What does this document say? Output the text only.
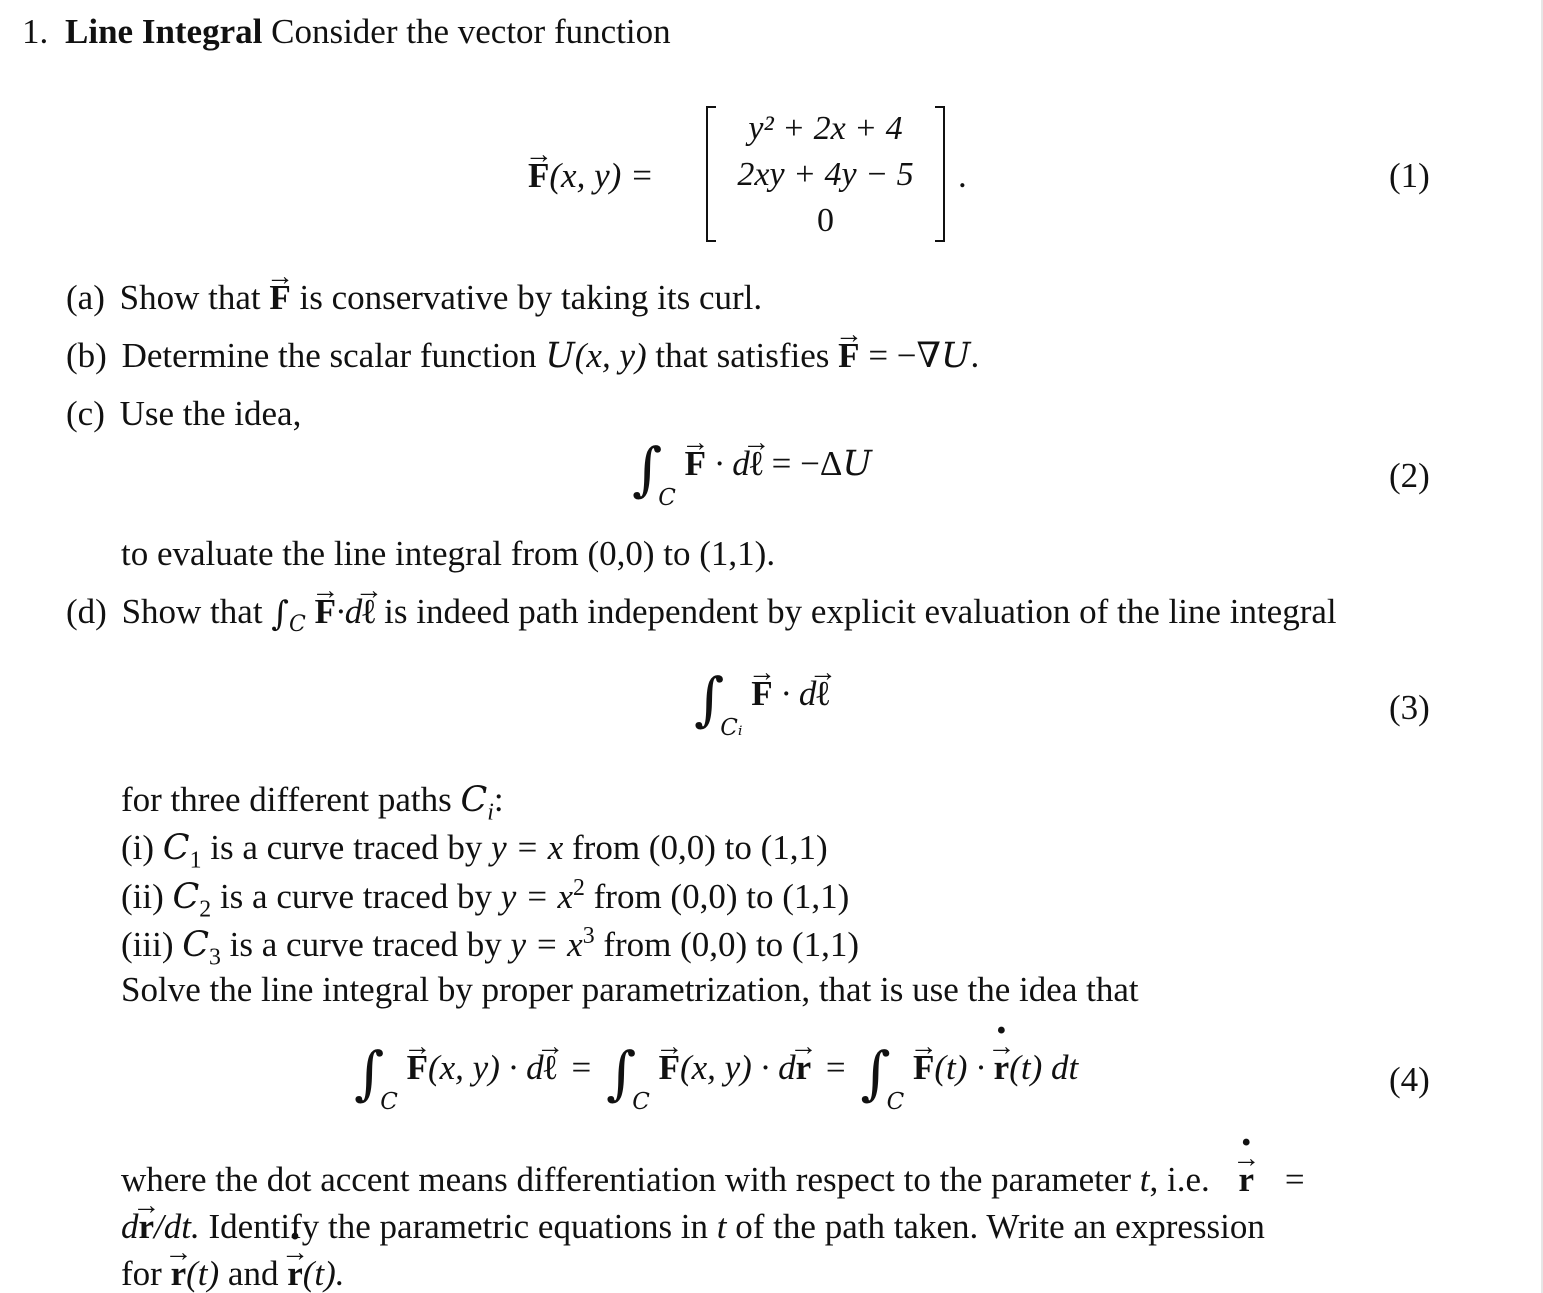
1. Line Integral Consider the vector function
→ F(x, y) =
y² + 2x + 4
2xy + 4y − 5
0
.	(1)
(a) Show that → F is conservative by taking its curl.
(b) Determine the scalar function U(x, y) that satisfies → F = −∇U.
(c) Use the idea,
$\int_C \to F \cdot d\to$ ℓ = −ΔU	(2)
to evaluate the line integral from (0,0) to (1,1).
(d) Show that $\int_C \to F\cdot d\to$ ℓ is indeed path independent by explicit evaluation of the line integral
$\int_{Cᵢ} \to F \cdot d\to$ ℓ	(3)
for three different paths $C_i$:
(i) $C_1$ is a curve traced by y = x from (0,0) to (1,1)
(ii) $C_2$ is a curve traced by $y = x^2$ from (0,0) to (1,1)
(iii) $C_3$ is a curve traced by $y = x^3$ from (0,0) to (1,1)
Solve the line integral by proper parametrization, that is use the idea that
$\int_C \to F(x$, y) · d→ ℓ = $\int_C \to F(x$, $y) \cdot d\to r = \int_C \to F(t)$ · → r ·(t) dt	(4)
where the dot accent means differentiation with respect to the parameter t, i.e. → r · =
d→ r/dt. Identify the parametric equations in t of the path taken. Write an expression
for → r(t) and → r ·(t).
